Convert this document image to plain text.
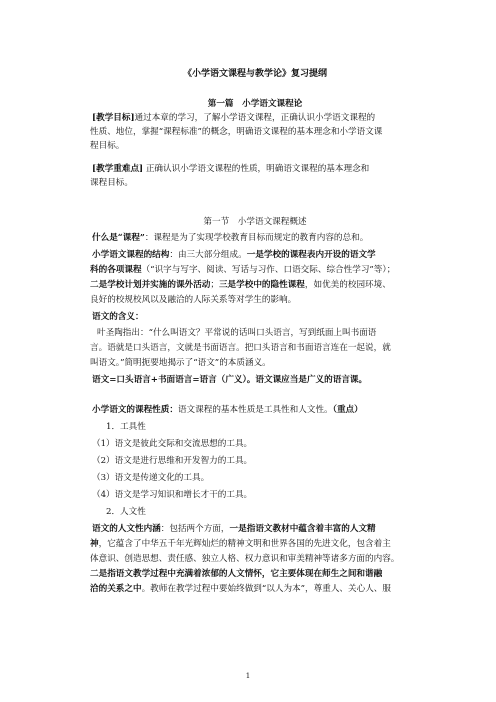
《小学语文课程与教学论》复习提纲
第一篇　小学语文课程论
[教学目标]通过本章的学习，了解小学语文课程，正确认识小学语文课程的
性质、地位，掌握“课程标准”的概念，明确语文课程的基本理念和小学语文课
程目标。
[教学重难点] 正确认识小学语文课程的性质，明确语文课程的基本理念和
课程目标。
第一节　小学语文课程概述
什么是“课程”：课程是为了实现学校教育目标而规定的教育内容的总和。
小学语文课程的结构：由三大部分组成。一是学校的课程表内开设的语文学
科的各项课程（“识字与写字、阅读、写话与习作、口语交际、综合性学习”等）；
二是学校计划并实施的课外活动；三是学校中的隐性课程，如优美的校园环境、
良好的校规校风以及融洽的人际关系等对学生的影响。
语文的含义：
叶圣陶指出：“什么叫语文？平常说的话叫口头语言，写到纸面上叫书面语
言。语就是口头语言，文就是书面语言。把口头语言和书面语言连在一起说，就
叫语文。”简明扼要地揭示了“语文”的本质涵义。
语文=口头语言+书面语言=语言（广义）。语文课应当是广义的语言课。
小学语文的课程性质：语文课程的基本性质是工具性和人文性。（重点）
1．工具性
（1）语文是彼此交际和交流思想的工具。
（2）语文是进行思维和开发智力的工具。
（3）语文是传递文化的工具。
（4）语文是学习知识和增长才干的工具。
2．人文性
语文的人文性内涵：包括两个方面，一是指语文教材中蕴含着丰富的人文精
神，它蕴含了中华五千年光辉灿烂的精神文明和世界各国的先进文化，包含着主
体意识、创造思想、责任感、独立人格、权力意识和审美精神等诸多方面的内容。
二是指语文教学过程中充满着浓郁的人文情怀，它主要体现在师生之间和谐融
洽的关系之中。教师在教学过程中要始终做到“以人为本”，尊重人、关心人、服
1
